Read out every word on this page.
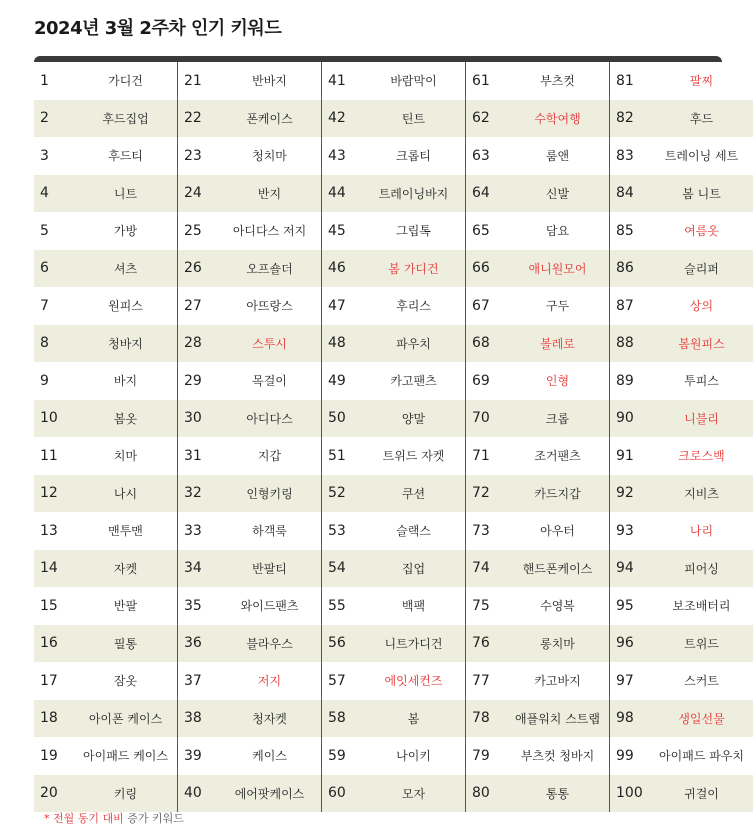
2024년 3월 2주차 인기 키워드
1	가디건	21	반바지	41	바람막이	61	부츠컷	81	팔찌
2	후드집업	22	폰케이스	42	틴트	62	수학여행	82	후드
3	후드티	23	청치마	43	크롭티	63	룸앤	83	트레이닝 세트
4	니트	24	반지	44	트레이닝바지	64	신발	84	봄 니트
5	가방	25	아디다스 저지	45	그립톡	65	담요	85	여름옷
6	셔츠	26	오프숄더	46	봄 가디건	66	애니원모어	86	슬리퍼
7	원피스	27	아뜨랑스	47	후리스	67	구두	87	상의
8	청바지	28	스투시	48	파우치	68	볼레로	88	봄원피스
9	바지	29	목걸이	49	카고팬츠	69	인형	89	투피스
10	봄옷	30	아디다스	50	양말	70	크롭	90	니블리
11	치마	31	지갑	51	트위드 자켓	71	조거팬츠	91	크로스백
12	나시	32	인형키링	52	쿠션	72	카드지갑	92	지비츠
13	맨투맨	33	하객룩	53	슬랙스	73	아우터	93	나리
14	자켓	34	반팔티	54	집업	74	핸드폰케이스	94	피어싱
15	반팔	35	와이드팬츠	55	백팩	75	수영복	95	보조배터리
16	필통	36	블라우스	56	니트가디건	76	롱치마	96	트위드
17	잠옷	37	저지	57	에잇세컨즈	77	카고바지	97	스커트
18	아이폰 케이스	38	청자켓	58	봄	78	애플워치 스트랩	98	생일선물
19	아이패드 케이스	39	케이스	59	나이키	79	부츠컷 청바지	99	아이패드 파우치
20	키링	40	에어팟케이스	60	모자	80	통통	100	귀걸이
* 전월 동기 대비 증가 키워드
